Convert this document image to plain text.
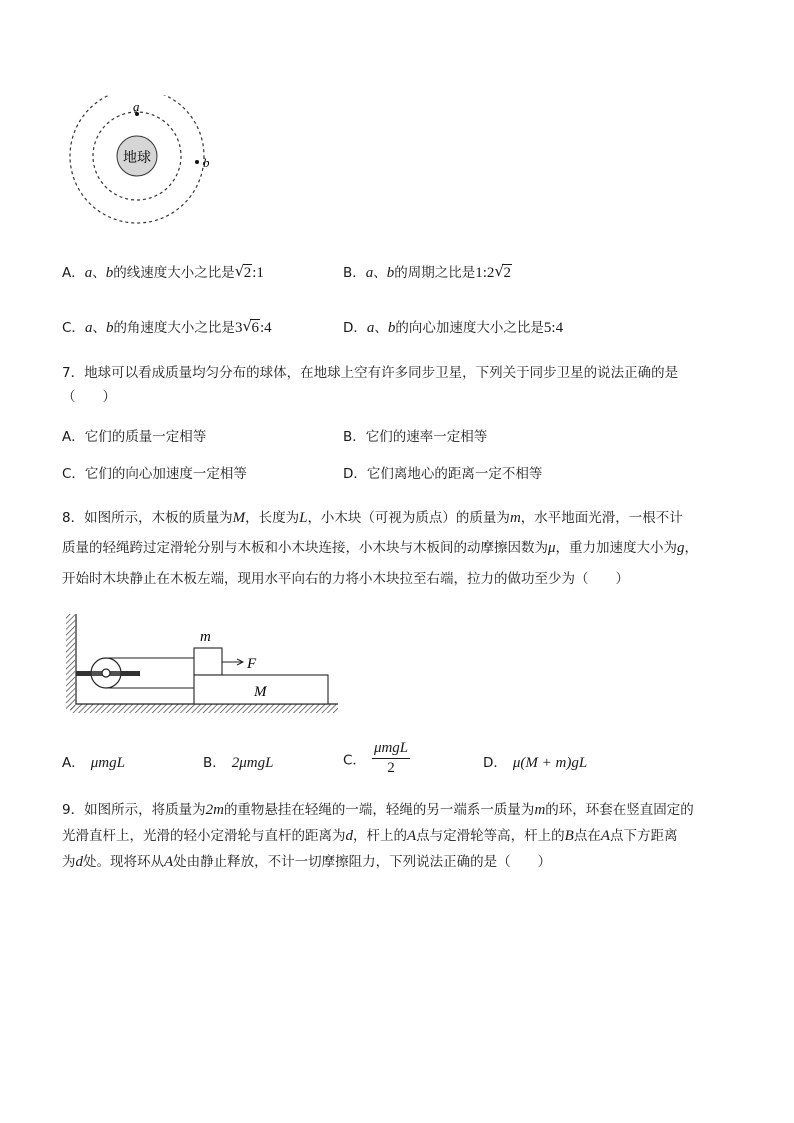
地球
a
b
A．a、b的线速度大小之比是 √ 2:1	B．a、b的周期之比是1:2 √ 2
C．a、b的角速度大小之比是3 √ 6:4	D．a、b的向心加速度大小之比是5:4
7．地球可以看成质量均匀分布的球体，在地球上空有许多同步卫星，下列关于同步卫星的说法正确的是
（　　）
A．它们的质量一定相等	B．它们的速率一定相等
C．它们的向心加速度一定相等	D．它们离地心的距离一定不相等
8．如图所示，木板的质量为M，长度为L，小木块（可视为质点）的质量为m，水平地面光滑，一根不计
质量的轻绳跨过定滑轮分别与木板和小木块连接，小木块与木板间的动摩擦因数为μ，重力加速度大小为g，
开始时木块静止在木板左端，现用水平向右的力将小木块拉至右端，拉力的做功至少为（　　）
m
F
M
A． μmgL	B． 2μmgL	C． $\frac{\text{μmgL}}{2}$	D． μ(M + m)gL
9．如图所示，将质量为2m的重物悬挂在轻绳的一端，轻绳的另一端系一质量为m的环，环套在竖直固定的
光滑直杆上，光滑的轻小定滑轮与直杆的距离为d，杆上的A点与定滑轮等高，杆上的B点在A点下方距离
为d处。现将环从A处由静止释放，不计一切摩擦阻力，下列说法正确的是（　　）
